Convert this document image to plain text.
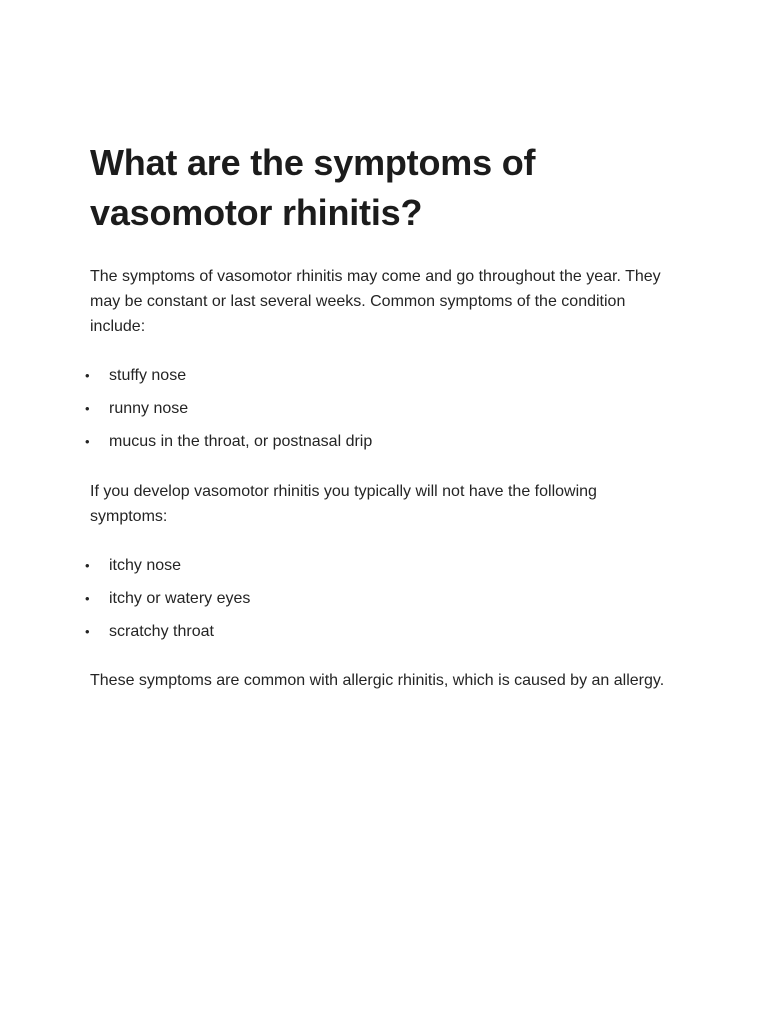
What are the symptoms of
vasomotor rhinitis?

The symptoms of vasomotor rhinitis may come and go throughout the year. They may be constant or last several weeks. Common symptoms of the condition include:

• stuffy nose
• runny nose
• mucus in the throat, or postnasal drip

If you develop vasomotor rhinitis you typically will not have the following symptoms:

• itchy nose
• itchy or watery eyes
• scratchy throat

These symptoms are common with allergic rhinitis, which is caused by an allergy.
